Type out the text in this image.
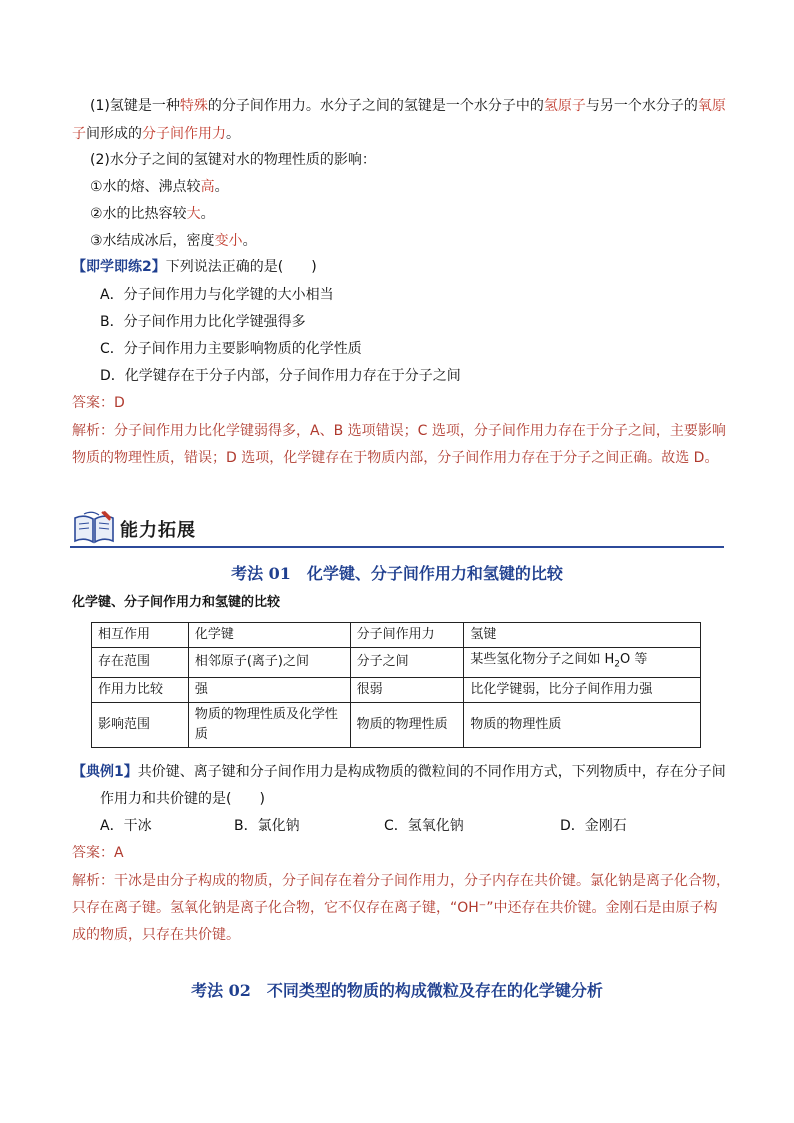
(1)氢键是一种特殊的分子间作用力。水分子之间的氢键是一个水分子中的氢原子与另一个水分子的氧原
子间形成的分子间作用力。
(2)水分子之间的氢键对水的物理性质的影响：
①水的熔、沸点较高。
②水的比热容较大。
③水结成冰后，密度变小。
【即学即练2】下列说法正确的是(　　)
A．分子间作用力与化学键的大小相当
B．分子间作用力比化学键强得多
C．分子间作用力主要影响物质的化学性质
D．化学键存在于分子内部，分子间作用力存在于分子之间
答案：D
解析：分子间作用力比化学键弱得多，A、B 选项错误；C 选项，分子间作用力存在于分子之间，主要影响
物质的物理性质，错误；D 选项，化学键存在于物质内部，分子间作用力存在于分子之间正确。故选 D。
能力拓展
考法 01　化学键、分子间作用力和氢键的比较
化学键、分子间作用力和氢键的比较
相互作用	化学键	分子间作用力	氢键
存在范围	相邻原子(离子)之间	分子之间	某些氢化物分子之间如 $H_2O$ 等
作用力比较	强	很弱	比化学键弱，比分子间作用力强
影响范围	物质的物理性质及化学性质	物质的物理性质	物质的物理性质
【典例1】共价键、离子键和分子间作用力是构成物质的微粒间的不同作用方式，下列物质中，存在分子间
作用力和共价键的是(　　)
A．干冰	B．氯化钠	C．氢氧化钠	D．金刚石
答案：A
解析：干冰是由分子构成的物质，分子间存在着分子间作用力，分子内存在共价键。氯化钠是离子化合物，
只存在离子键。氢氧化钠是离子化合物，它不仅存在离子键，“OH⁻”中还存在共价键。金刚石是由原子构
成的物质，只存在共价键。
考法 02　不同类型的物质的构成微粒及存在的化学键分析
